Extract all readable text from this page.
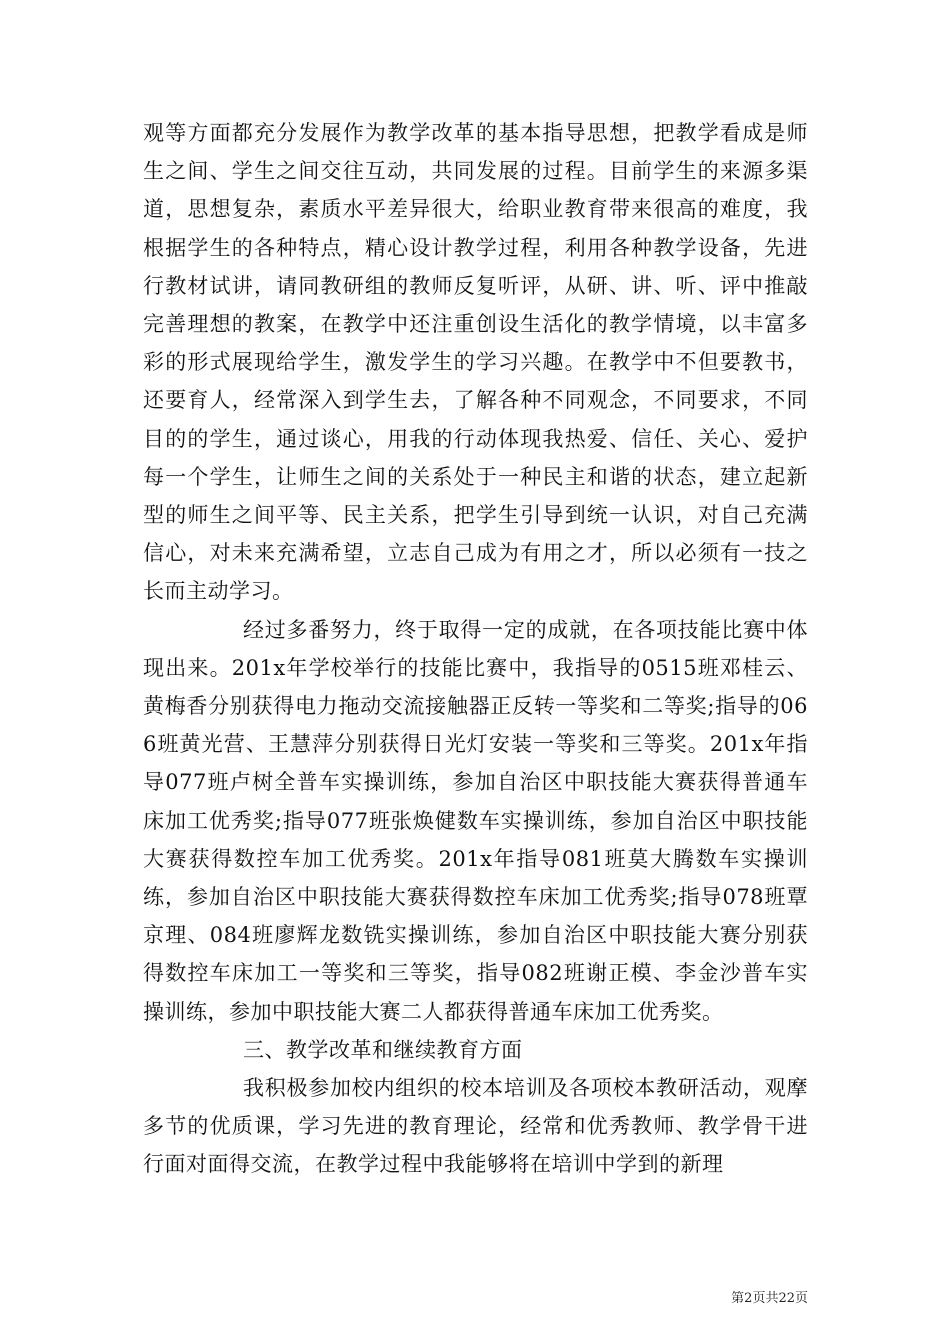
观等方面都充分发展作为教学改革的基本指导思想，把教学看成是师生之间、学生之间交往互动，共同发展的过程。目前学生的来源多渠道，思想复杂，素质水平差异很大，给职业教育带来很高的难度，我根据学生的各种特点，精心设计教学过程，利用各种教学设备，先进行教材试讲，请同教研组的教师反复听评，从研、讲、听、评中推敲完善理想的教案，在教学中还注重创设生活化的教学情境，以丰富多彩的形式展现给学生，激发学生的学习兴趣。在教学中不但要教书，还要育人，经常深入到学生去，了解各种不同观念，不同要求，不同目的的学生，通过谈心，用我的行动体现我热爱、信任、关心、爱护每一个学生，让师生之间的关系处于一种民主和谐的状态，建立起新型的师生之间平等、民主关系，把学生引导到统一认识，对自己充满信心，对未来充满希望，立志自己成为有用之才，所以必须有一技之长而主动学习。

经过多番努力，终于取得一定的成就，在各项技能比赛中体现出来。201x年学校举行的技能比赛中，我指导的0515班邓桂云、黄梅香分别获得电力拖动交流接触器正反转一等奖和二等奖;指导的066班黄光营、王慧萍分别获得日光灯安装一等奖和三等奖。201x年指导077班卢树全普车实操训练，参加自治区中职技能大赛获得普通车床加工优秀奖;指导077班张焕健数车实操训练，参加自治区中职技能大赛获得数控车加工优秀奖。201x年指导081班莫大腾数车实操训练，参加自治区中职技能大赛获得数控车床加工优秀奖;指导078班覃京理、084班廖辉龙数铣实操训练，参加自治区中职技能大赛分别获得数控车床加工一等奖和三等奖，指导082班谢正模、李金沙普车实操训练，参加中职技能大赛二人都获得普通车床加工优秀奖。

三、教学改革和继续教育方面

我积极参加校内组织的校本培训及各项校本教研活动，观摩多节的优质课，学习先进的教育理论，经常和优秀教师、教学骨干进行面对面得交流，在教学过程中我能够将在培训中学到的新理

第2页共22页
